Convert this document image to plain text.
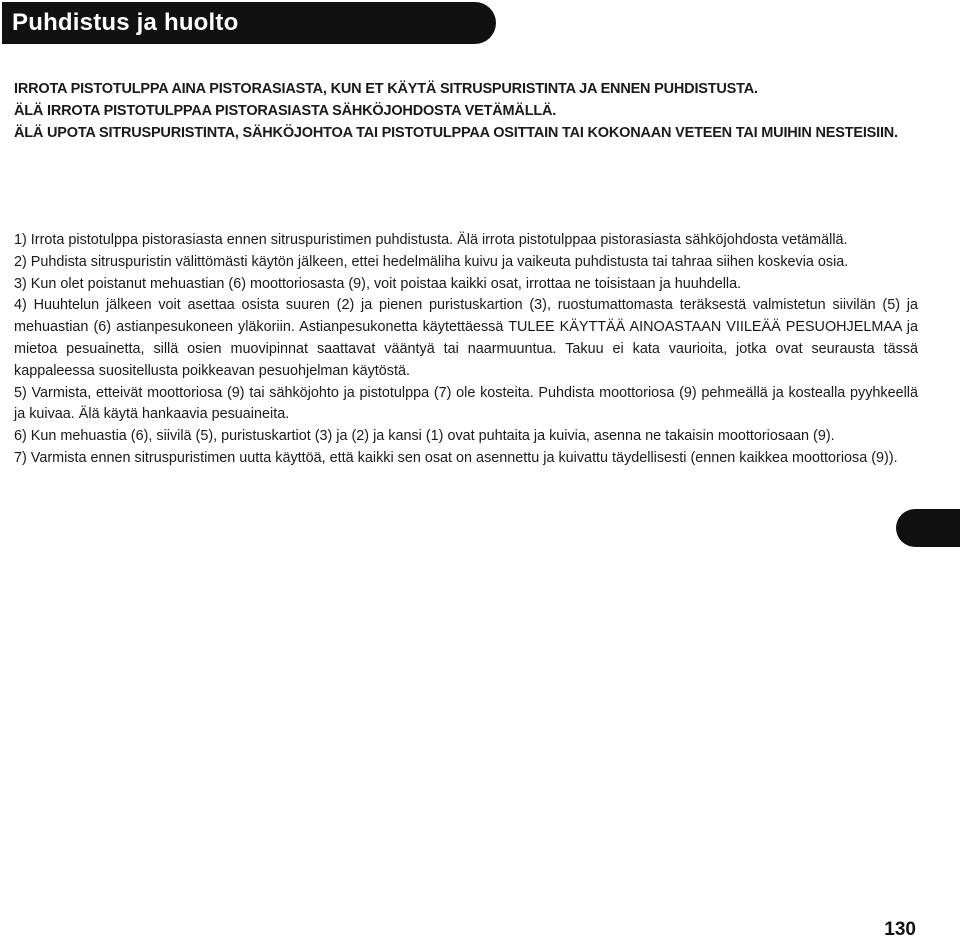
Puhdistus ja huolto

IRROTA PISTOTULPPA AINA PISTORASIASTA, KUN ET KÄYTÄ SITRUSPURISTINTA JA ENNEN PUHDISTUSTA.

ÄLÄ IRROTA PISTOTULPPAA PISTORASIASTA SÄHKÖJOHDOSTA VETÄMÄLLÄ.

ÄLÄ UPOTA SITRUSPURISTINTA, SÄHKÖJOHTOA TAI PISTOTULPPAA OSITTAIN TAI KOKONAAN VETEEN TAI MUIHIN NESTEISIIN.

1) Irrota pistotulppa pistorasiasta ennen sitruspuristimen puhdistusta. Älä irrota pistotulppaa pistorasiasta sähköjohdosta vetämällä.

2) Puhdista sitruspuristin välittömästi käytön jälkeen, ettei hedelmäliha kuivu ja vaikeuta puhdistusta tai tahraa siihen koskevia osia.

3) Kun olet poistanut mehuastian (6) moottoriosasta (9), voit poistaa kaikki osat, irrottaa ne toisistaan ja huuhdella.

4) Huuhtelun jälkeen voit asettaa osista suuren (2) ja pienen puristuskartion (3), ruostumattomasta teräksestä valmistetun siivilän (5) ja mehuastian (6) astianpesukoneen yläkoriin. Astianpesukonetta käytettäessä TULEE KÄYTTÄÄ AINOASTAAN VIILEÄÄ PESUOHJELMAA ja mietoa pesuainetta, sillä osien muovipinnat saattavat vääntyä tai naarmuuntua. Takuu ei kata vaurioita, jotka ovat seurausta tässä kappaleessa suositellusta poikkeavan pesuohjelman käytöstä.

5) Varmista, etteivät moottoriosa (9) tai sähköjohto ja pistotulppa (7) ole kosteita. Puhdista moottoriosa (9) pehmeällä ja kostealla pyyhkeellä ja kuivaa. Älä käytä hankaavia pesuaineita.

6) Kun mehuastia (6), siivilä (5), puristuskartiot (3) ja (2) ja kansi (1) ovat puhtaita ja kuivia, asenna ne takaisin moottoriosaan (9).

7) Varmista ennen sitruspuristimen uutta käyttöä, että kaikki sen osat on asennettu ja kuivattu täydellisesti (ennen kaikkea moottoriosa (9)).

130
